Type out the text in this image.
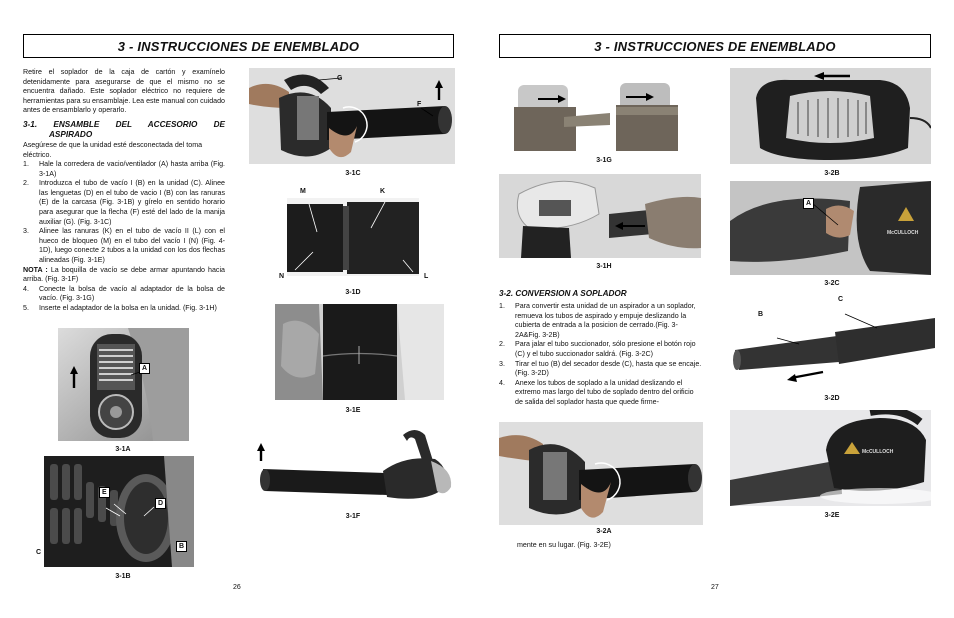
3 - INSTRUCCIONES DE ENEMBLADO
Retire el soplador de la caja de cartón y examínelo detenidamente para asegurarse de que el mismo no se encuentra dañado. Este soplador eléctrico no requiere de herramientas para su ensamblaje. Lea este manual con cuidado antes de ensamblarlo y operarlo.
3-1. ENSAMBLE DEL ACCESORIO DE
ASPIRADO
Asegúrese de que la unidad esté desconectada del toma eléctrico.
1.	Hale la corredera de vacio/ventilador (A) hasta arriba (Fig. 3-1A)
2.	Introduzca el tubo de vacío I (B) en la unidad (C). Alinee las lenguetas (D) en el tubo de vacio I (B) con las ranuras (E) de la carcasa (Fig. 3-1B) y gírelo en sentido horario para asegurar que la flecha (F) esté del lado de la manija auxiliar (G). (Fig. 3-1C)
3.	Alinee las ranuras (K) en el tubo de vacío II (L) con el hueco de bloqueo (M) en el tubo del vacío I (N) (Fig. 4-1D), luego conecte 2 tubos a la unidad con los dos flechas alineadas (Fig. 3-1E)
NOTA : La boquilla de vacío se debe armar apuntando hacia arriba. (Fig. 3-1F)
4.	Conecte la bolsa de vacío al adaptador de la bolsa de vacío. (Fig. 3-1G)
5.	Inserte el adaptador de la bolsa en la unidad. (Fig. 3-1H)
A
3-1A
E
D
C
B
3-1B
G
F
3-1C
M	K
N	L
3-1D
3-1E
3-1F
26
3 - INSTRUCCIONES DE ENEMBLADO
3-1G
3-1H
3-2. CONVERSION A SOPLADOR
1.	Para convertir esta unidad de un aspirador a un soplador, remueva los tubos de aspirado y empuje deslizando la cubierta de entrada a la posicion de cerrado.(Fig. 3-2A&Fig. 3-2B)
2.	Para jalar el tubo succionador, sólo presione el botón rojo (C) y el tubo succionador saldrá. (Fig. 3-2C)
3.	Tirar el tuo (B) del secador desde (C), hasta que se encaje. (Fig. 3-2D)
4.	Anexe los tubos de soplado a la unidad deslizando el extremo mas largo del tubo de soplado dentro del orificio de salida del soplador hasta que quede firme-
3-2A
mente en su lugar. (Fig. 3-2E)
3-2B
A
McCULLOCH
3-2C
B
C
3-2D
McCULLOCH
3-2E
27
